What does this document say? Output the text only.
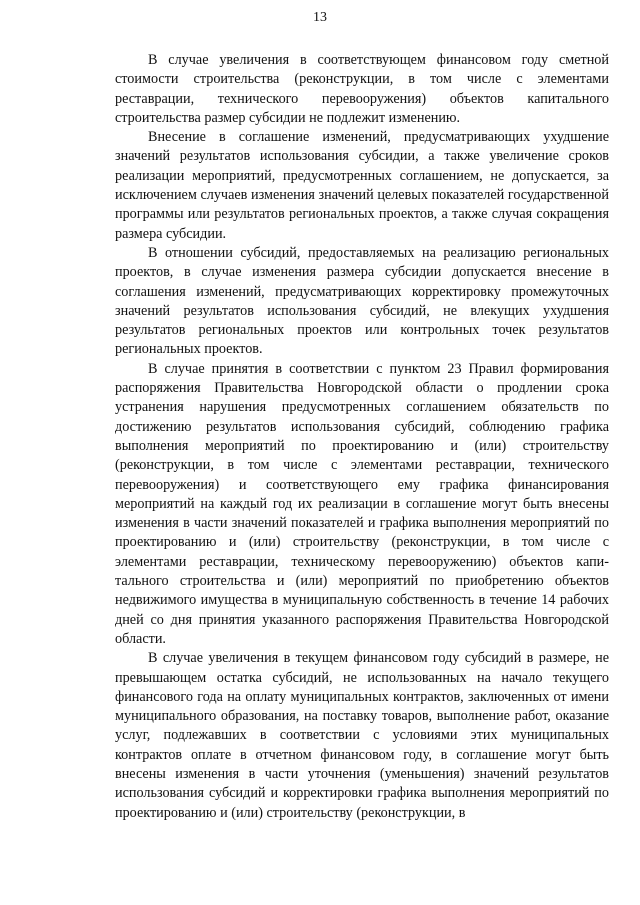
13

В случае увеличения в соответствующем финансовом году сметной стоимости строительства (реконструкции, в том числе с элементами реставрации, технического перевооружения) объектов капитального строительства размер субсидии не подлежит изменению.

Внесение в соглашение изменений, предусматривающих ухудшение значений результатов использования субсидии, а также увеличение сроков реализации мероприятий, предусмотренных соглашением, не допускается, за исключением случаев изменения значений целевых показателей государственной программы или результатов региональных проектов, а также случая сокращения размера субсидии.

В отношении субсидий, предоставляемых на реализацию региональных проектов, в случае изменения размера субсидии допускается внесение в соглашения изменений, предусматривающих корректировку промежуточных значений результатов использования субсидий, не влекущих ухудшения результатов региональных проектов или контрольных точек результатов региональных проектов.

В случае принятия в соответствии с пунктом 23 Правил формирования распоряжения Правительства Новгородской области о продлении срока устранения нарушения предусмотренных соглашением обязательств по достижению результатов использования субсидий, соблюдению графика выполнения мероприятий по проектированию и (или) строительству (реконструкции, в том числе с элементами реставрации, технического перевооружения) и соответствующего ему графика финансирования мероприятий на каждый год их реализации в соглашение могут быть внесены изменения в части значений показателей и графика выполнения мероприятий по проектированию и (или) строительству (реконструкции, в том числе с элементами реставрации, техническому перевооружению) объектов капитального строительства и (или) мероприятий по приобретению объектов недвижимого имущества в муниципальную собственность в течение 14 рабочих дней со дня принятия указанного распоряжения Правительства Новгородской области.

В случае увеличения в текущем финансовом году субсидий в размере, не превышающем остатка субсидий, не использованных на начало текущего финансового года на оплату муниципальных контрактов, заключенных от имени муниципального образования, на поставку товаров, выполнение работ, оказание услуг, подлежавших в соответствии с условиями этих муниципальных контрактов оплате в отчетном финансовом году, в соглашение могут быть внесены изменения в части уточнения (уменьшения) значений результатов использования субсидий и корректировки графика выполнения мероприятий по проектированию и (или) строительству (реконструкции, в
